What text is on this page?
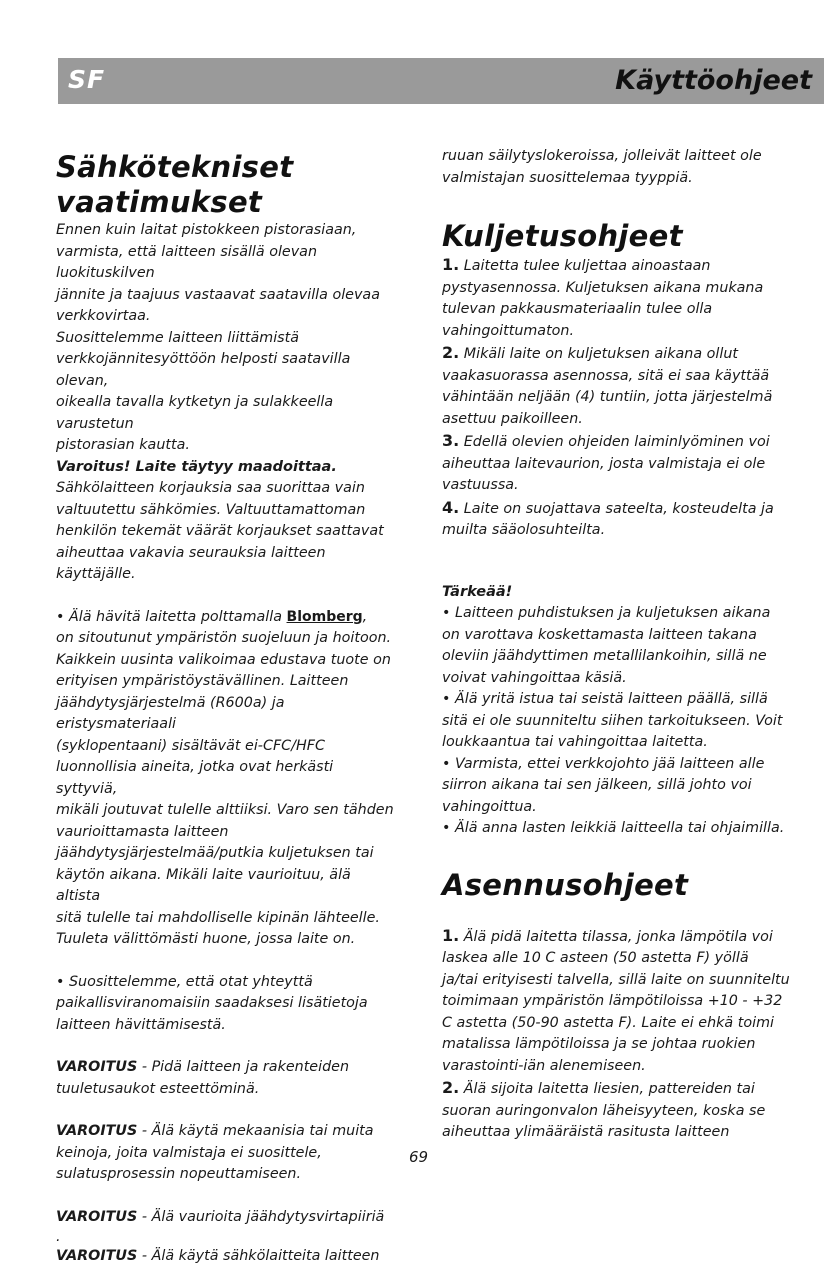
SF	Käyttöohjeet
Sähkötekniset
vaatimukset

Ennen kuin laitat pistokkeen pistorasiaan,
varmista, että laitteen sisällä olevan luokituskilven
jännite ja taajuus vastaavat saatavilla olevaa
verkkovirtaa.
Suosittelemme laitteen liittämistä
verkkojännitesyöttöön helposti saatavilla olevan,
oikealla tavalla kytketyn ja sulakkeella varustetun
pistorasian kautta.

Varoitus! Laite täytyy maadoittaa.

Sähkölaitteen korjauksia saa suorittaa vain
valtuutettu sähkömies. Valtuuttamattoman
henkilön tekemät väärät korjaukset saattavat
aiheuttaa vakavia seurauksia laitteen käyttäjälle.

• Älä hävitä laitetta polttamalla Blomberg,
on sitoutunut ympäristön suojeluun ja hoitoon.
Kaikkein uusinta valikoimaa edustava tuote on
erityisen ympäristöystävällinen. Laitteen
jäähdytysjärjestelmä (R600a) ja eristysmateriaali
(syklopentaani) sisältävät ei-CFC/HFC
luonnollisia aineita, jotka ovat herkästi syttyviä,
mikäli joutuvat tulelle alttiiksi. Varo sen tähden
vaurioittamasta laitteen
jäähdytysjärjestelmää/putkia kuljetuksen tai
käytön aikana. Mikäli laite vaurioituu, älä altista
sitä tulelle tai mahdolliselle kipinän lähteelle.
Tuuleta välittömästi huone, jossa laite on.

• Suosittelemme, että otat yhteyttä
paikallisviranomaisiin saadaksesi lisätietoja
laitteen hävittämisestä.

VAROITUS - Pidä laitteen ja rakenteiden
tuuletusaukot esteettöminä.

VAROITUS - Älä käytä mekaanisia tai muita
keinoja, joita valmistaja ei suosittele,
sulatusprosessin nopeuttamiseen.

VAROITUS - Älä vaurioita jäähdytysvirtapiiriä

.

VAROITUS - Älä käytä sähkölaitteita laitteen

ruuan säilytyslokeroissa, jolleivät laitteet ole
valmistajan suosittelemaa tyyppiä.

Kuljetusohjeet

1. Laitetta tulee kuljettaa ainoastaan
pystyasennossa. Kuljetuksen aikana mukana
tulevan pakkausmateriaalin tulee olla
vahingoittumaton.

2. Mikäli laite on kuljetuksen aikana ollut
vaakasuorassa asennossa, sitä ei saa käyttää
vähintään neljään (4) tuntiin, jotta järjestelmä
asettuu paikoilleen.

3. Edellä olevien ohjeiden laiminlyöminen voi
aiheuttaa laitevaurion, josta valmistaja ei ole
vastuussa.

4. Laite on suojattava sateelta, kosteudelta ja
muilta sääolosuhteilta.

Tärkeää!

• Laitteen puhdistuksen ja kuljetuksen aikana
on varottava koskettamasta laitteen takana
oleviin jäähdyttimen metallilankoihin, sillä ne
voivat vahingoittaa käsiä.
• Älä yritä istua tai seistä laitteen päällä, sillä
sitä ei ole suunniteltu siihen tarkoitukseen. Voit
loukkaantua tai vahingoittaa laitetta.
• Varmista, ettei verkkojohto jää laitteen alle
siirron aikana tai sen jälkeen, sillä johto voi
vahingoittua.
• Älä anna lasten leikkiä laitteella tai ohjaimilla.

Asennusohjeet

1. Älä pidä laitetta tilassa, jonka lämpötila voi
laskea alle 10 C asteen (50 astetta F) yöllä
ja/tai erityisesti talvella, sillä laite on suunniteltu
toimimaan ympäristön lämpötiloissa +10 - +32
C astetta (50-90 astetta F). Laite ei ehkä toimi
matalissa lämpötiloissa ja se johtaa ruokien
varastointi-iän alenemiseen.

2. Älä sijoita laitetta liesien, pattereiden tai
suoran auringonvalon läheisyyteen, koska se
aiheuttaa ylimääräistä rasitusta laitteen

69
